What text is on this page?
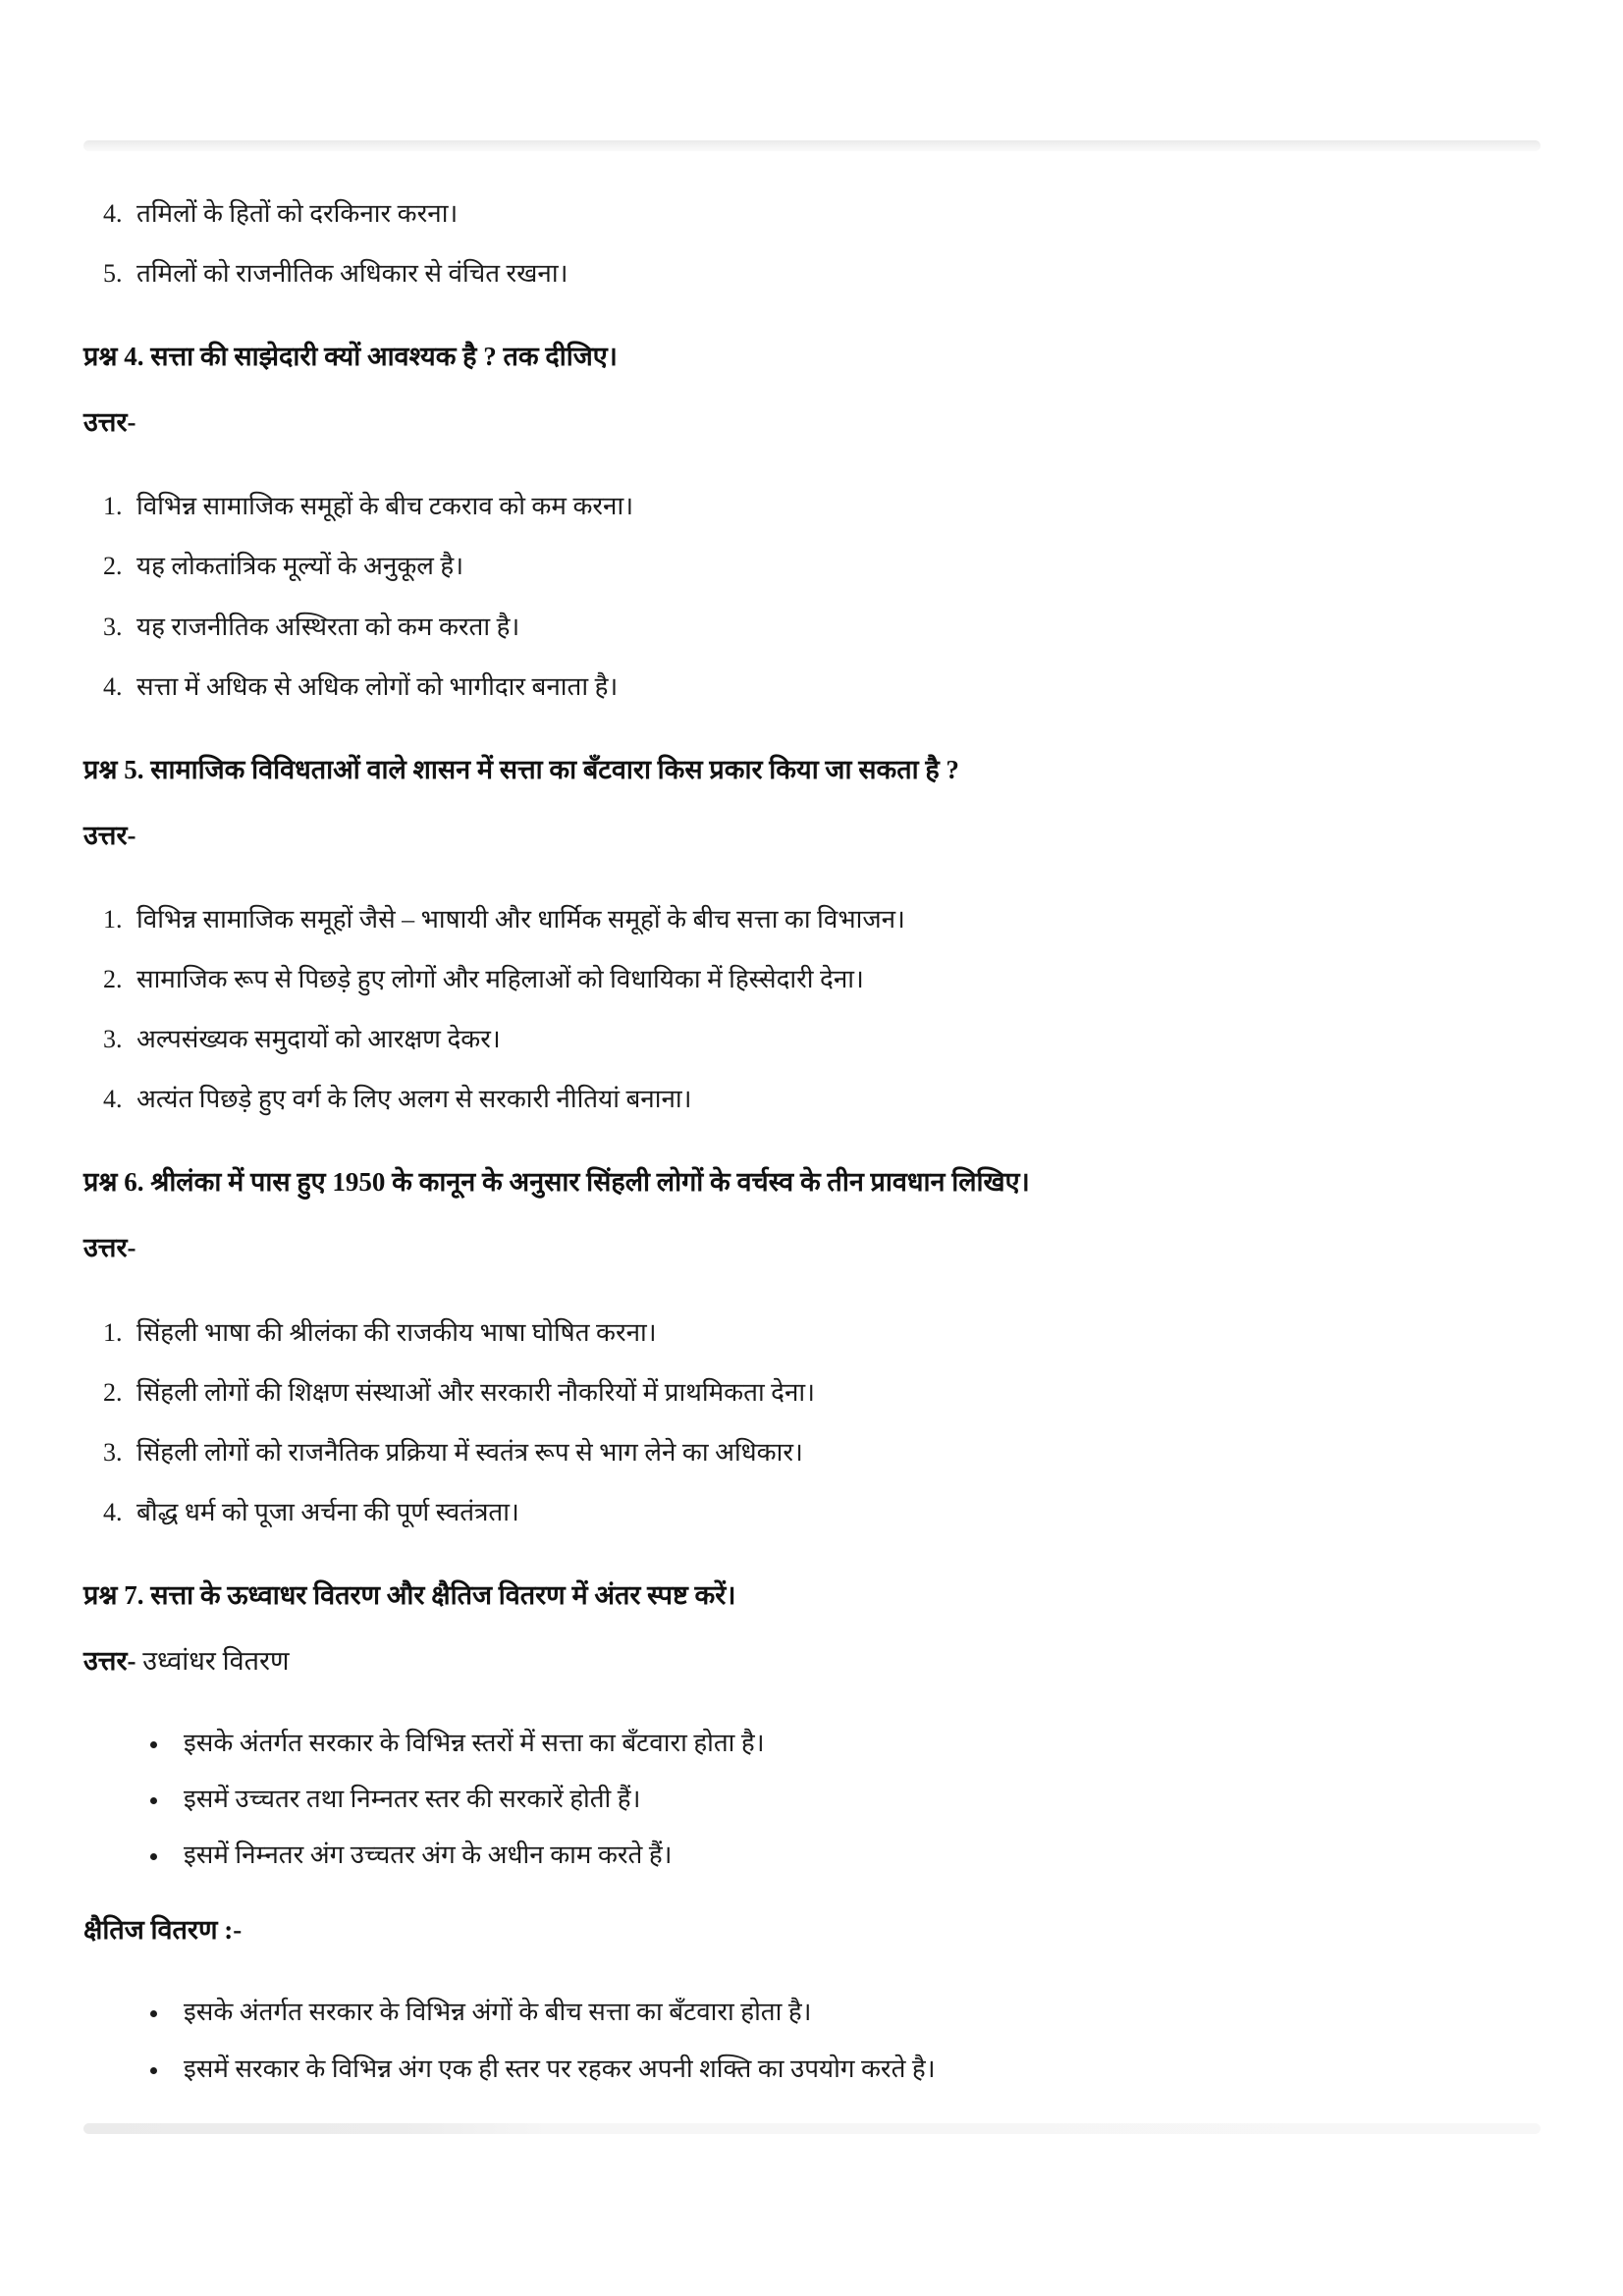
4. तमिलों के हितों को दरकिनार करना।
5. तमिलों को राजनीतिक अधिकार से वंचित रखना।
प्रश्न 4. सत्ता की साझेदारी क्यों आवश्यक है ? तक दीजिए।

उत्तर-

1. विभिन्न सामाजिक समूहों के बीच टकराव को कम करना।
2. यह लोकतांत्रिक मूल्यों के अनुकूल है।
3. यह राजनीतिक अस्थिरता को कम करता है।
4. सत्ता में अधिक से अधिक लोगों को भागीदार बनाता है।
प्रश्न 5. सामाजिक विविधताओं वाले शासन में सत्ता का बँटवारा किस प्रकार किया जा सकता है ?

उत्तर-

1. विभिन्न सामाजिक समूहों जैसे – भाषायी और धार्मिक समूहों के बीच सत्ता का विभाजन।
2. सामाजिक रूप से पिछड़े हुए लोगों और महिलाओं को विधायिका में हिस्सेदारी देना।
3. अल्पसंख्यक समुदायों को आरक्षण देकर।
4. अत्यंत पिछड़े हुए वर्ग के लिए अलग से सरकारी नीतियां बनाना।
प्रश्न 6. श्रीलंका में पास हुए 1950 के कानून के अनुसार सिंहली लोगों के वर्चस्व के तीन प्रावधान लिखिए।

उत्तर-

1. सिंहली भाषा की श्रीलंका की राजकीय भाषा घोषित करना।
2. सिंहली लोगों की शिक्षण संस्थाओं और सरकारी नौकरियों में प्राथमिकता देना।
3. सिंहली लोगों को राजनैतिक प्रक्रिया में स्वतंत्र रूप से भाग लेने का अधिकार।
4. बौद्ध धर्म को पूजा अर्चना की पूर्ण स्वतंत्रता।
प्रश्न 7. सत्ता के ऊध्वाधर वितरण और क्षैतिज वितरण में अंतर स्पष्ट करें।

उत्तर- उध्वांधर वितरण

• इसके अंतर्गत सरकार के विभिन्न स्तरों में सत्ता का बँटवारा होता है।
• इसमें उच्चतर तथा निम्नतर स्तर की सरकारें होती हैं।
• इसमें निम्नतर अंग उच्चतर अंग के अधीन काम करते हैं।
क्षैतिज वितरण :-
• इसके अंतर्गत सरकार के विभिन्न अंगों के बीच सत्ता का बँटवारा होता है।
• इसमें सरकार के विभिन्न अंग एक ही स्तर पर रहकर अपनी शक्ति का उपयोग करते है।
